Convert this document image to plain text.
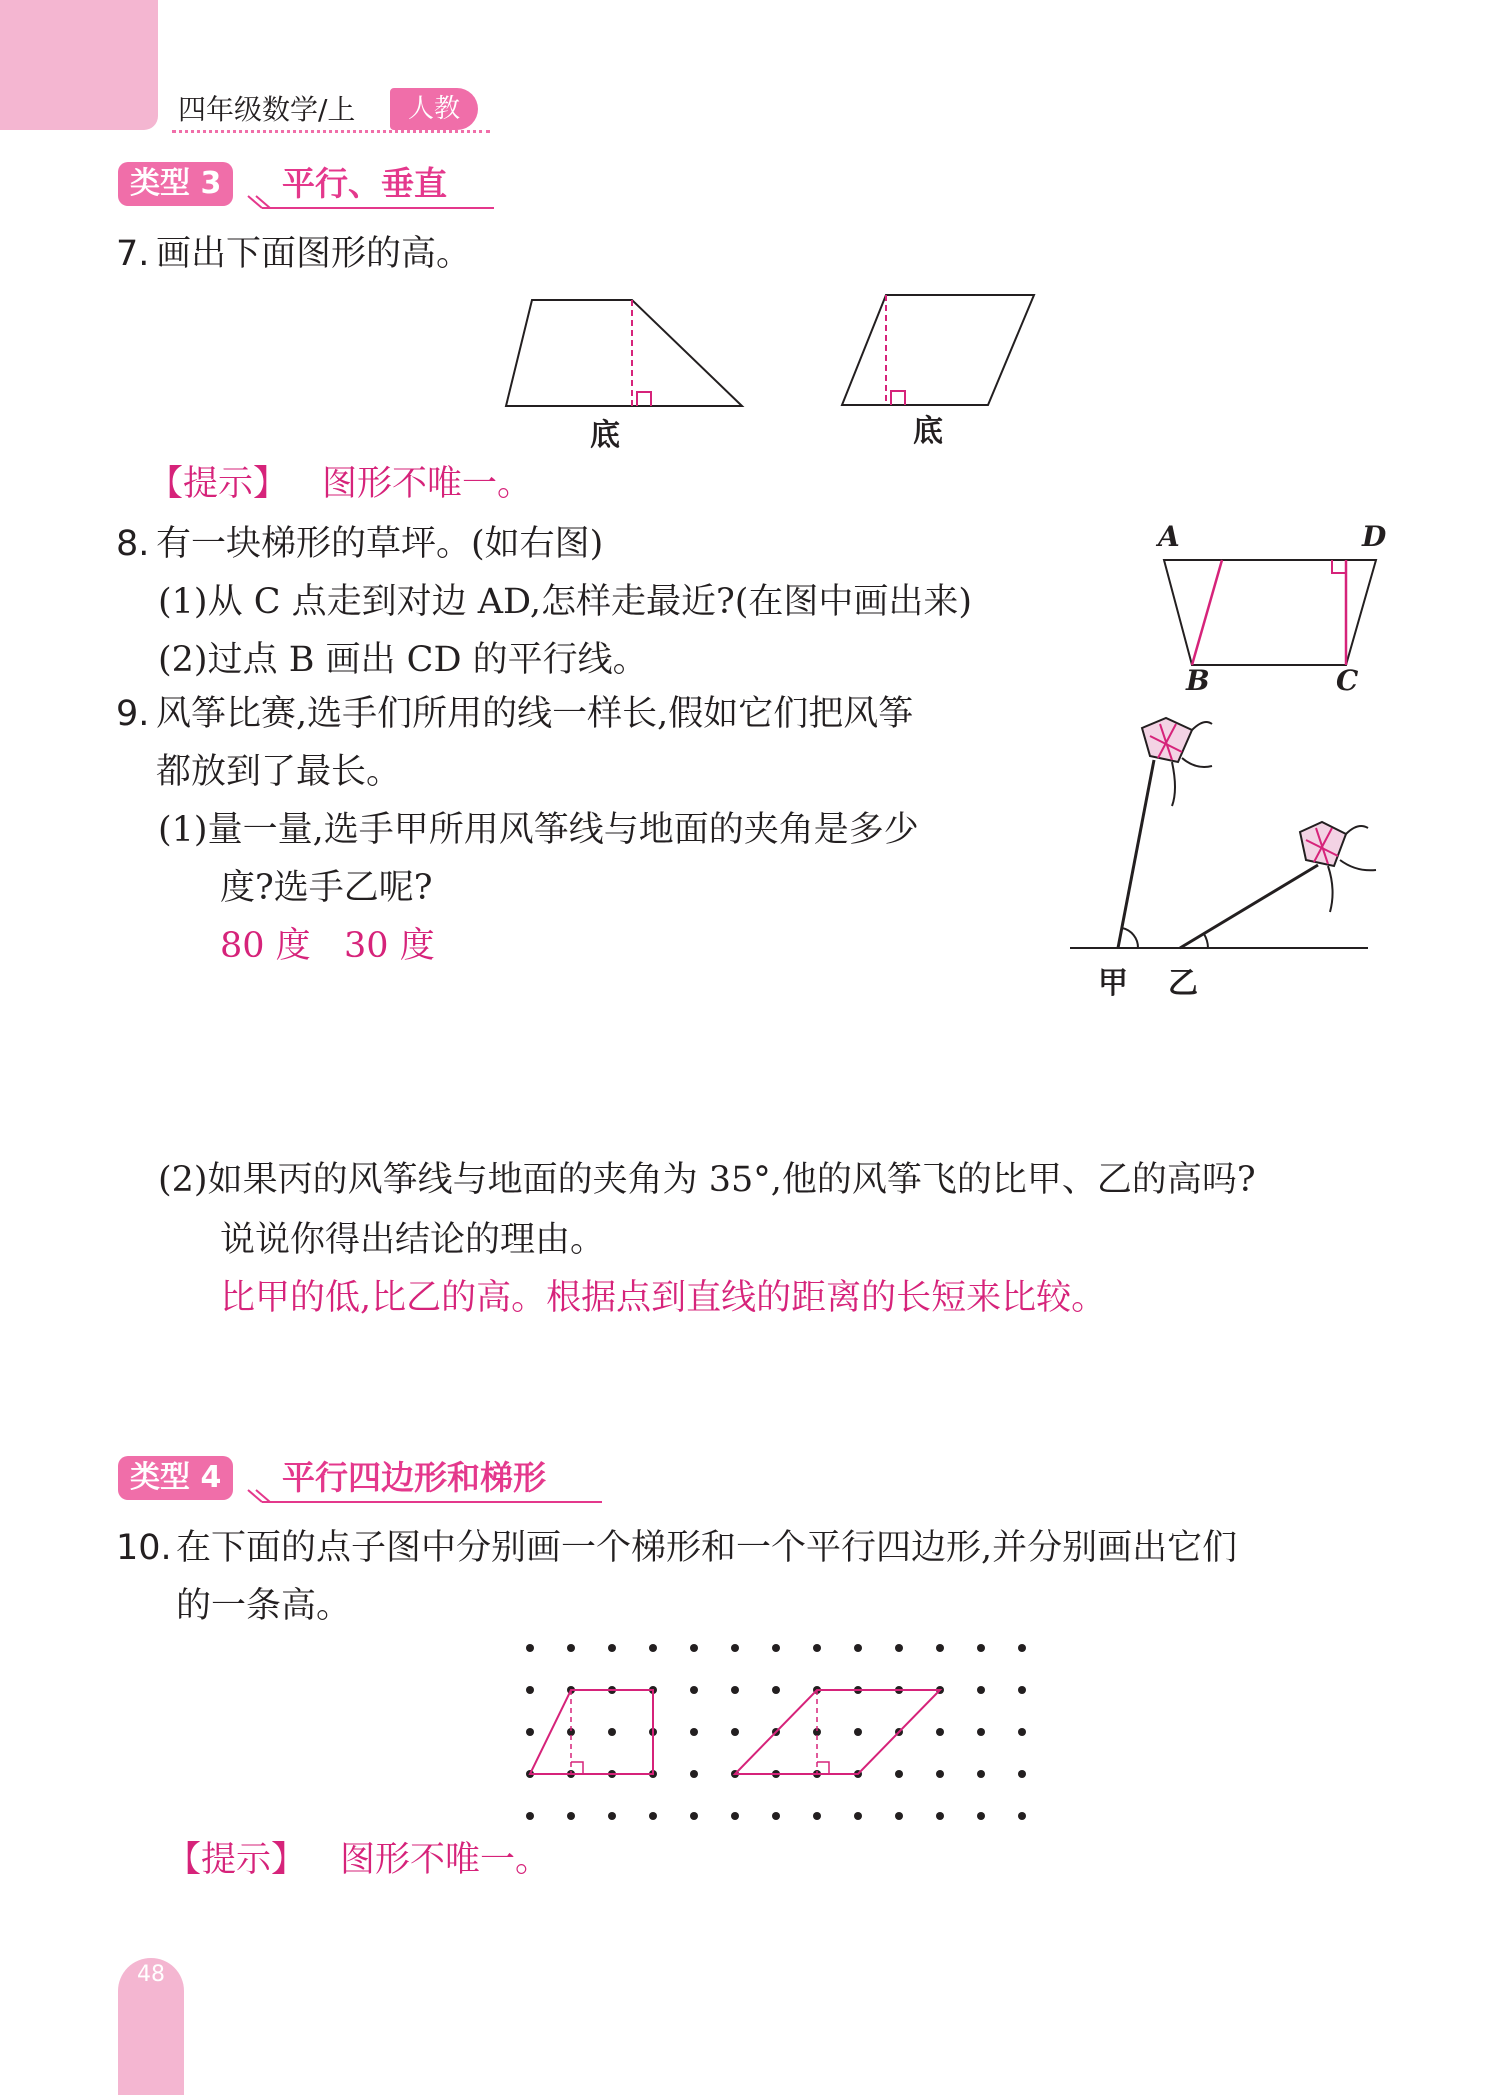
48
四年级数学/上	人教
类型 3	平行、垂直
7. 画出下面图形的高。
底	底
【提示】 图形不唯一。
8. 有一块梯形的草坪。(如右图)
(1)从 C 点走到对边 AD,怎样走最近?(在图中画出来)
(2)过点 B 画出 CD 的平行线。
A	D
B	C
9. 风筝比赛,选手们所用的线一样长,假如它们把风筝
都放到了最长。
(1)量一量,选手甲所用风筝线与地面的夹角是多少
度?选手乙呢?
80 度   30 度
(2)如果丙的风筝线与地面的夹角为 35°,他的风筝飞的比甲、乙的高吗?
说说你得出结论的理由。
比甲的低,比乙的高。根据点到直线的距离的长短来比较。
甲 乙
类型 4	平行四边形和梯形
10. 在下面的点子图中分别画一个梯形和一个平行四边形,并分别画出它们
的一条高。
【提示】 图形不唯一。
